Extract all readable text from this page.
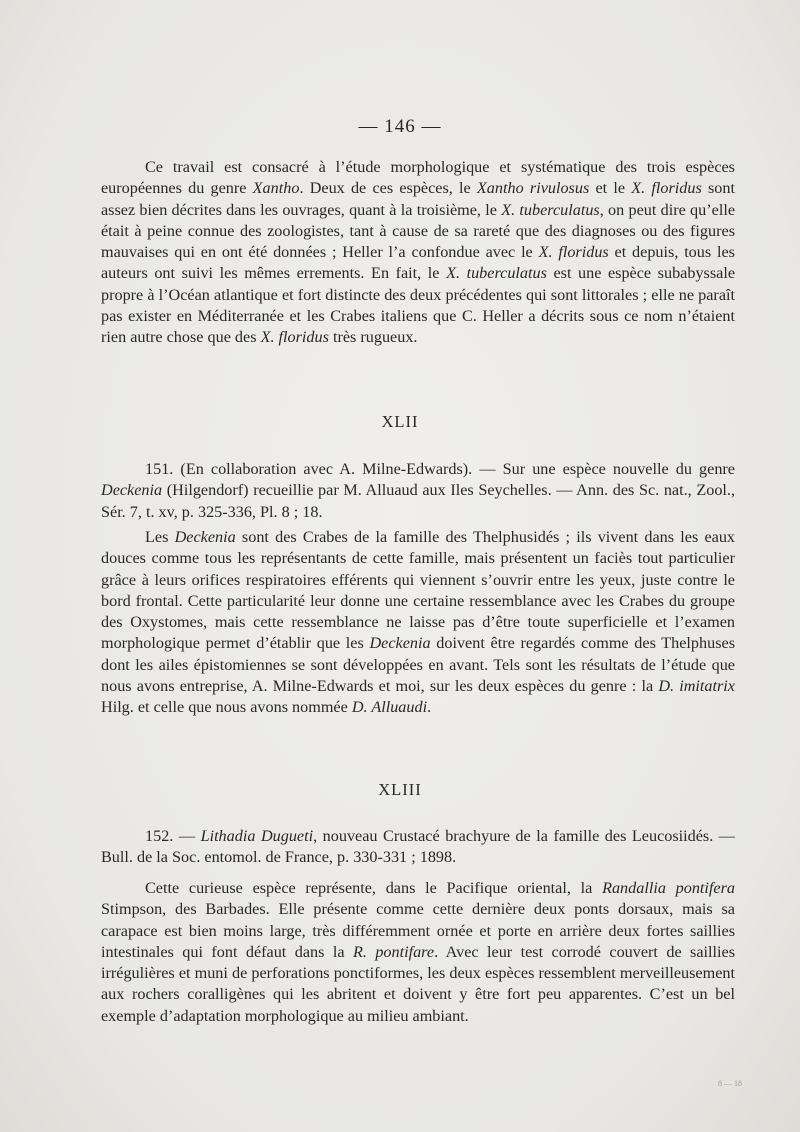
— 146 —

Ce travail est consacré à l’étude morphologique et systématique des trois espèces européennes du genre Xantho. Deux de ces espèces, le Xantho rivulosus et le X. floridus sont assez bien décrites dans les ouvrages, quant à la troisième, le X. tuberculatus, on peut dire qu’elle était à peine connue des zoologistes, tant à cause de sa rareté que des diagnoses ou des figures mauvaises qui en ont été données ; Heller l’a confondue avec le X. floridus et depuis, tous les auteurs ont suivi les mêmes errements. En fait, le X. tuberculatus est une espèce subabyssale propre à l’Océan atlantique et fort distincte des deux précédentes qui sont littorales ; elle ne paraît pas exister en Méditerranée et les Crabes italiens que C. Heller a décrits sous ce nom n’étaient rien autre chose que des X. floridus très rugueux.

XLII

151. (En collaboration avec A. Milne-Edwards). — Sur une espèce nouvelle du genre Deckenia (Hilgendorf) recueillie par M. Alluaud aux Iles Seychelles. — Ann. des Sc. nat., Zool., Sér. 7, t. xv, p. 325-336, Pl. 8 ; 18.

Les Deckenia sont des Crabes de la famille des Thelphusidés ; ils vivent dans les eaux douces comme tous les représentants de cette famille, mais présentent un faciès tout particulier grâce à leurs orifices respiratoires efférents qui viennent s’ouvrir entre les yeux, juste contre le bord frontal. Cette particularité leur donne une certaine ressemblance avec les Crabes du groupe des Oxystomes, mais cette ressemblance ne laisse pas d’être toute superficielle et l’examen morphologique permet d’établir que les Deckenia doivent être regardés comme des Thelphuses dont les ailes épistomiennes se sont développées en avant. Tels sont les résultats de l’étude que nous avons entreprise, A. Milne-Edwards et moi, sur les deux espèces du genre : la D. imitatrix Hilg. et celle que nous avons nommée D. Alluaudi.

XLIII

152. — Lithadia Dugueti, nouveau Crustacé brachyure de la famille des Leucosiidés. — Bull. de la Soc. entomol. de France, p. 330-331 ; 1898.

Cette curieuse espèce représente, dans le Pacifique oriental, la Randallia pontifera Stimpson, des Barbades. Elle présente comme cette dernière deux ponts dorsaux, mais sa carapace est bien moins large, très différemment ornée et porte en arrière deux fortes saillies intestinales qui font défaut dans la R. pontifare. Avec leur test corrodé couvert de saillies irrégulières et muni de perforations ponctiformes, les deux espèces ressemblent merveilleusement aux rochers coralligènes qui les abritent et doivent y être fort peu apparentes. C’est un bel exemple d’adaptation morphologique au milieu ambiant.

8 — 18
